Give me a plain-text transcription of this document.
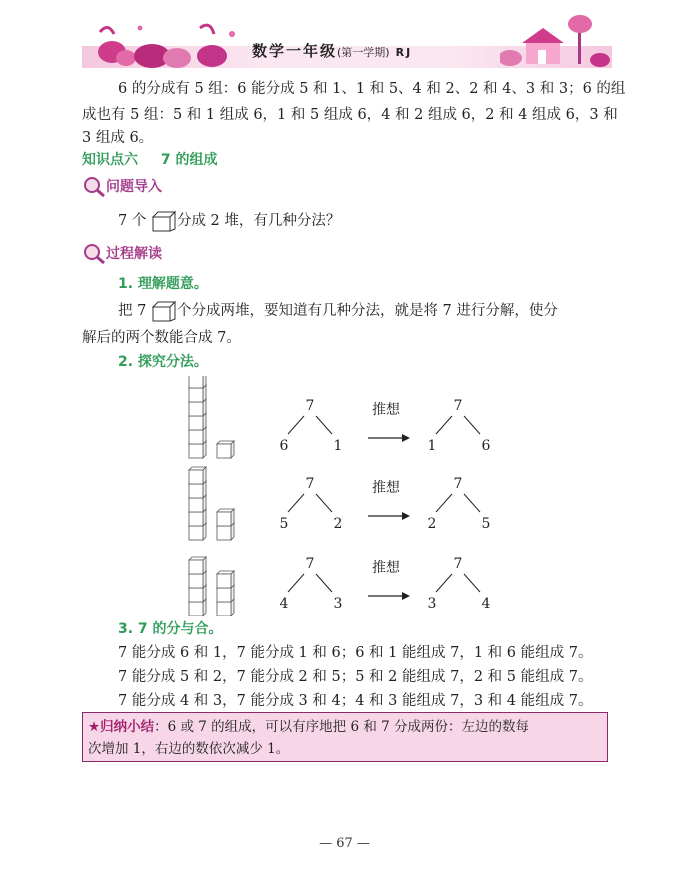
数学一年级(第一学期) RJ
6 的分成有 5 组：6 能分成 5 和 1、1 和 5、4 和 2、2 和 4、3 和 3；6 的组
成也有 5 组：5 和 1 组成 6，1 和 5 组成 6，4 和 2 组成 6，2 和 4 组成 6，3 和
3 组成 6。
知识点六 7 的组成
问题导入
7 个 分成 2 堆，有几种分法？
过程解读
1. 理解题意。
把 7 个分成两堆，要知道有几种分法，就是将 7 进行分解，使分
解后的两个数能合成 7。
2. 探究分法。
7
6	1
推想	7
1	6
7
5	2
推想	7
2	5
7
4	3
推想	7
3	4
3. 7 的分与合。
7 能分成 6 和 1，7 能分成 1 和 6；6 和 1 能组成 7，1 和 6 能组成 7。
7 能分成 5 和 2，7 能分成 2 和 5；5 和 2 能组成 7，2 和 5 能组成 7。
7 能分成 4 和 3，7 能分成 3 和 4；4 和 3 能组成 7，3 和 4 能组成 7。
★归纳小结：6 或 7 的组成，可以有序地把 6 和 7 分成两份：左边的数每
次增加 1，右边的数依次减少 1。
— 67 —
